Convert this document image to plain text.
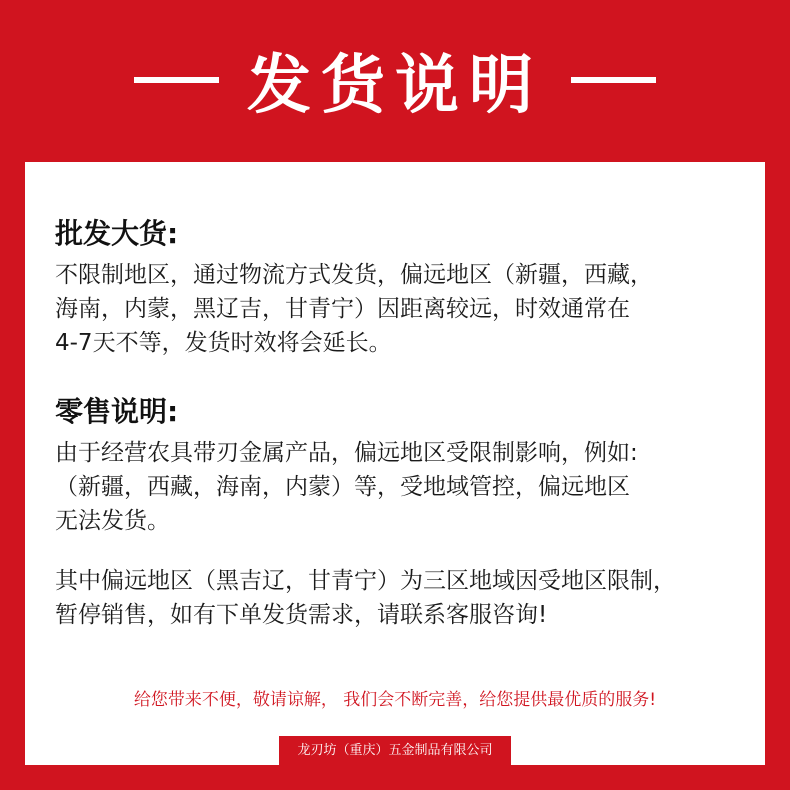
发货说明
批发大货:
不限制地区，通过物流方式发货，偏远地区（新疆，西藏，
海南，内蒙，黑辽吉，甘青宁）因距离较远，时效通常在
4-7天不等，发货时效将会延长。
零售说明:
由于经营农具带刃金属产品，偏远地区受限制影响，例如:
（新疆，西藏，海南，内蒙）等，受地域管控，偏远地区
无法发货。
其中偏远地区（黑吉辽，甘青宁）为三区地域因受地区限制，
暂停销售，如有下单发货需求，请联系客服咨询!
给您带来不便，敬请谅解， 我们会不断完善，给您提供最优质的服务!
龙刃坊（重庆）五金制品有限公司
